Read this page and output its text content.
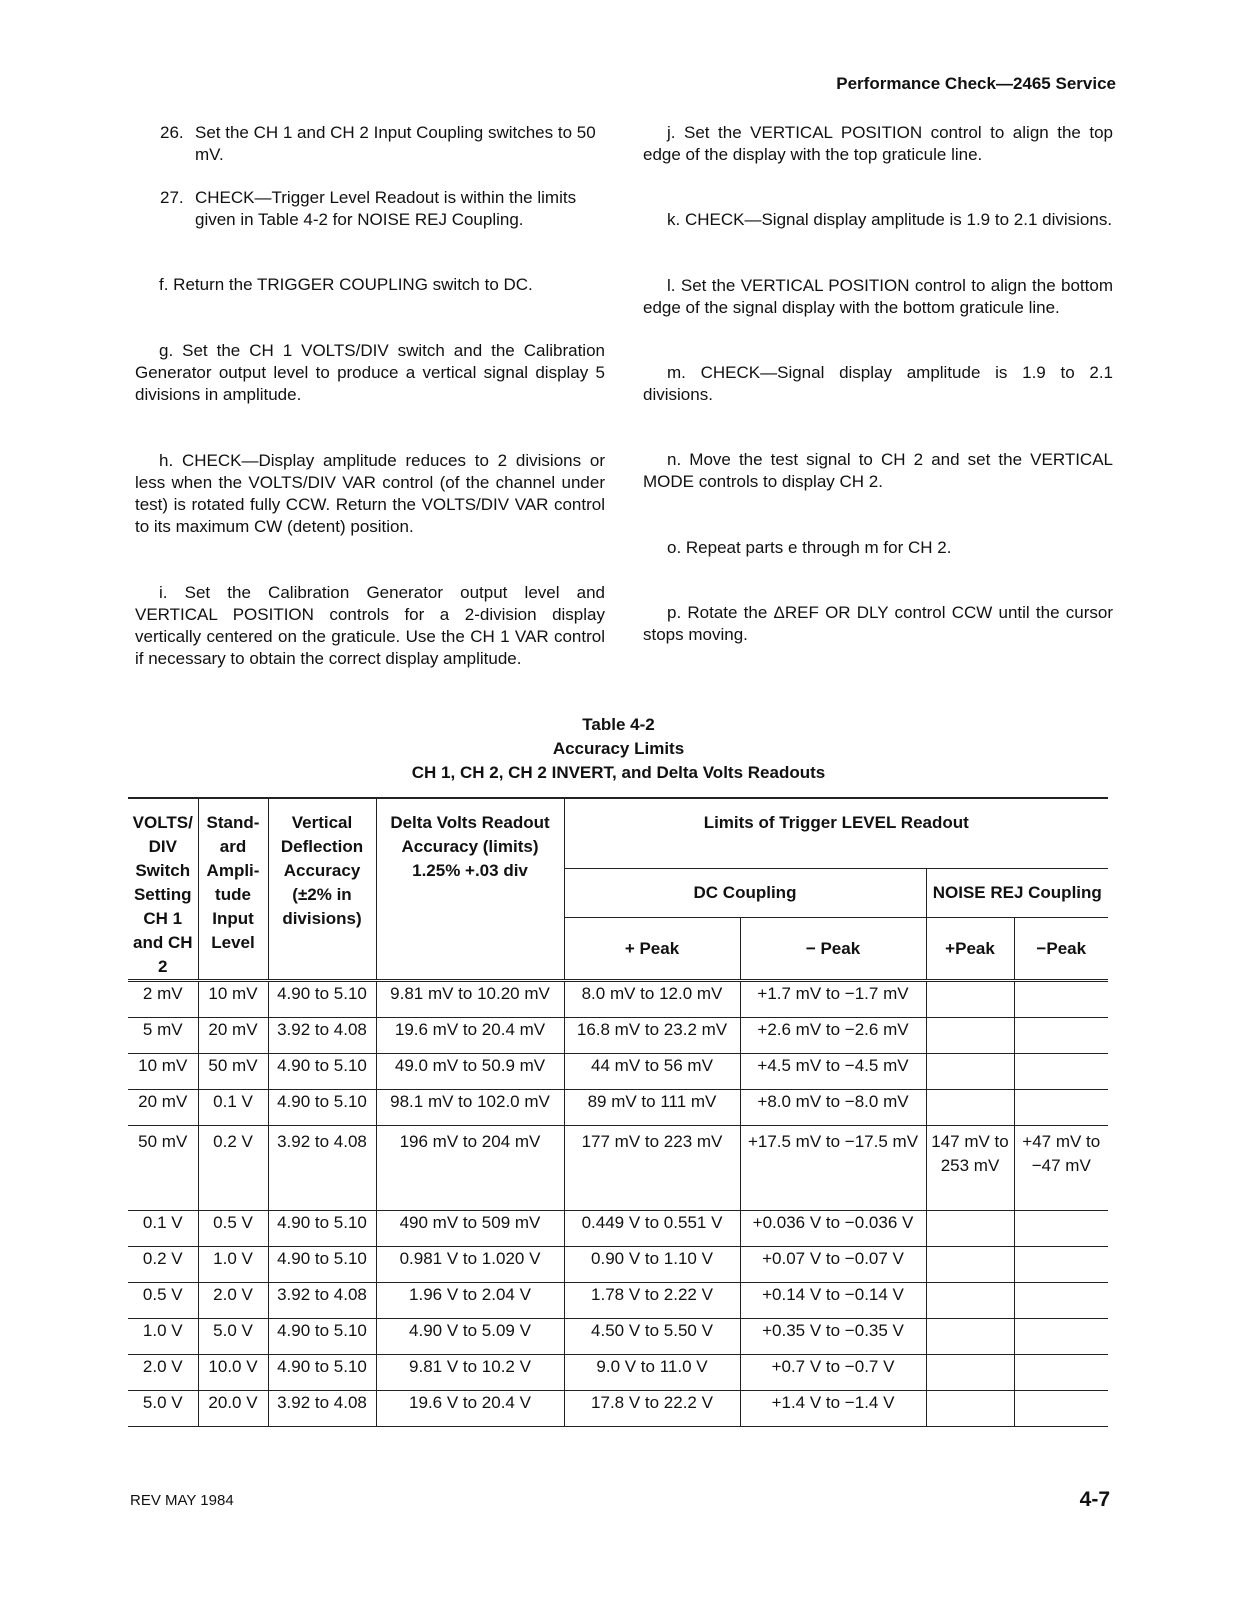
Performance Check—2465 Service

26. Set the CH 1 and CH 2 Input Coupling switches to 50 mV.

27. CHECK—Trigger Level Readout is within the limits given in Table 4-2 for NOISE REJ Coupling.

f. Return the TRIGGER COUPLING switch to DC.

g. Set the CH 1 VOLTS/DIV switch and the Calibration Generator output level to produce a vertical signal display 5 divisions in amplitude.

h. CHECK—Display amplitude reduces to 2 divisions or less when the VOLTS/DIV VAR control (of the channel under test) is rotated fully CCW. Return the VOLTS/DIV VAR control to its maximum CW (detent) position.

i. Set the Calibration Generator output level and VERTICAL POSITION controls for a 2-division display vertically centered on the graticule. Use the CH 1 VAR control if necessary to obtain the correct display amplitude.

j. Set the VERTICAL POSITION control to align the top edge of the display with the top graticule line.

k. CHECK—Signal display amplitude is 1.9 to 2.1 divisions.

l. Set the VERTICAL POSITION control to align the bottom edge of the signal display with the bottom graticule line.

m. CHECK—Signal display amplitude is 1.9 to 2.1 divisions.

n. Move the test signal to CH 2 and set the VERTICAL MODE controls to display CH 2.

o. Repeat parts e through m for CH 2.

p. Rotate the ΔREF OR DLY control CCW until the cursor stops moving.

Table 4-2
Accuracy Limits
CH 1, CH 2, CH 2 INVERT, and Delta Volts Readouts
VOLTS/ DIV Switch Setting CH 1 and CH 2	Stand- ard Ampli- tude Input Level	Vertical Deflection Accuracy (±2% in divisions)	Delta Volts Readout Accuracy (limits) 1.25% +.03 div	Limits of Trigger LEVEL Readout			
				DC Coupling		NOISE REJ Coupling	
				+ Peak	− Peak	+Peak	−Peak
2 mV	10 mV	4.90 to 5.10	9.81 mV to 10.20 mV	8.0 mV to 12.0 mV	+1.7 mV to −1.7 mV		
5 mV	20 mV	3.92 to 4.08	19.6 mV to 20.4 mV	16.8 mV to 23.2 mV	+2.6 mV to −2.6 mV		
10 mV	50 mV	4.90 to 5.10	49.0 mV to 50.9 mV	44 mV to 56 mV	+4.5 mV to −4.5 mV		
20 mV	0.1 V	4.90 to 5.10	98.1 mV to 102.0 mV	89 mV to 111 mV	+8.0 mV to −8.0 mV		
50 mV	0.2 V	3.92 to 4.08	196 mV to 204 mV	177 mV to 223 mV	+17.5 mV to −17.5 mV	147 mV to 253 mV	+47 mV to −47 mV
0.1 V	0.5 V	4.90 to 5.10	490 mV to 509 mV	0.449 V to 0.551 V	+0.036 V to −0.036 V		
0.2 V	1.0 V	4.90 to 5.10	0.981 V to 1.020 V	0.90 V to 1.10 V	+0.07 V to −0.07 V		
0.5 V	2.0 V	3.92 to 4.08	1.96 V to 2.04 V	1.78 V to 2.22 V	+0.14 V to −0.14 V		
1.0 V	5.0 V	4.90 to 5.10	4.90 V to 5.09 V	4.50 V to 5.50 V	+0.35 V to −0.35 V		
2.0 V	10.0 V	4.90 to 5.10	9.81 V to 10.2 V	9.0 V to 11.0 V	+0.7 V to −0.7 V		
5.0 V	20.0 V	3.92 to 4.08	19.6 V to 20.4 V	17.8 V to 22.2 V	+1.4 V to −1.4 V		
REV MAY 1984	4-7
